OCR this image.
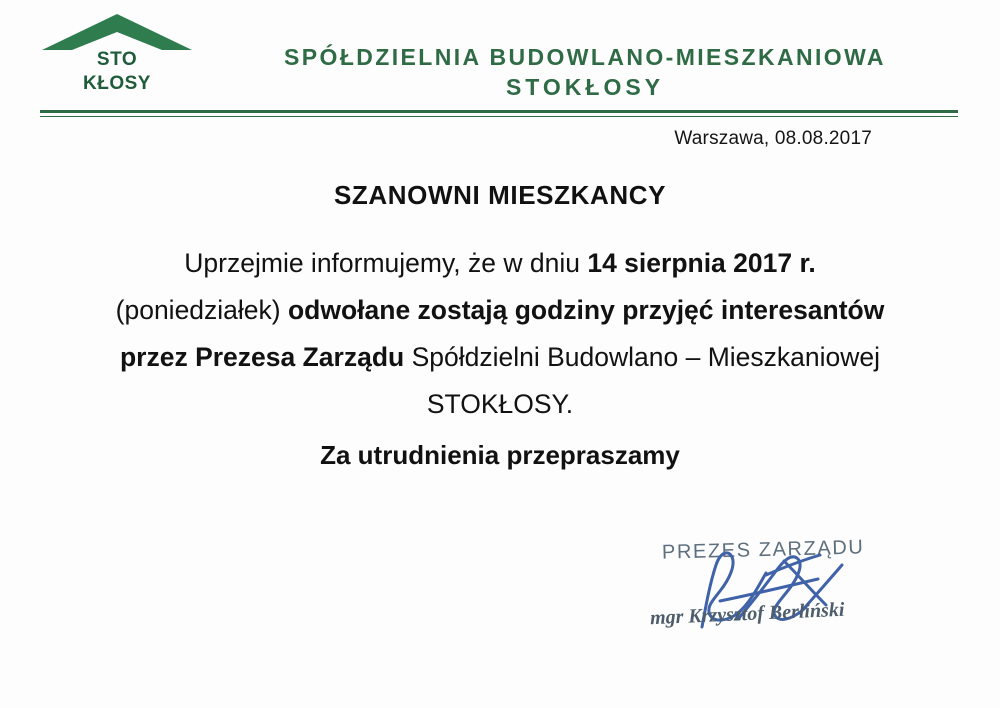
STO
KŁOSY
SPÓŁDZIELNIA BUDOWLANO-MIESZKANIOWA
STOKŁOSY
Warszawa, 08.08.2017
SZANOWNI MIESZKANCY
Uprzejmie informujemy, że w dniu 14 sierpnia 2017 r. (poniedziałek) odwołane zostają godziny przyjęć interesantów przez Prezesa Zarządu Spółdzielni Budowlano – Mieszkaniowej STOKŁOSY.
Za utrudnienia przepraszamy
PREZES ZARZĄDU
mgr Krzysztof Berliński
